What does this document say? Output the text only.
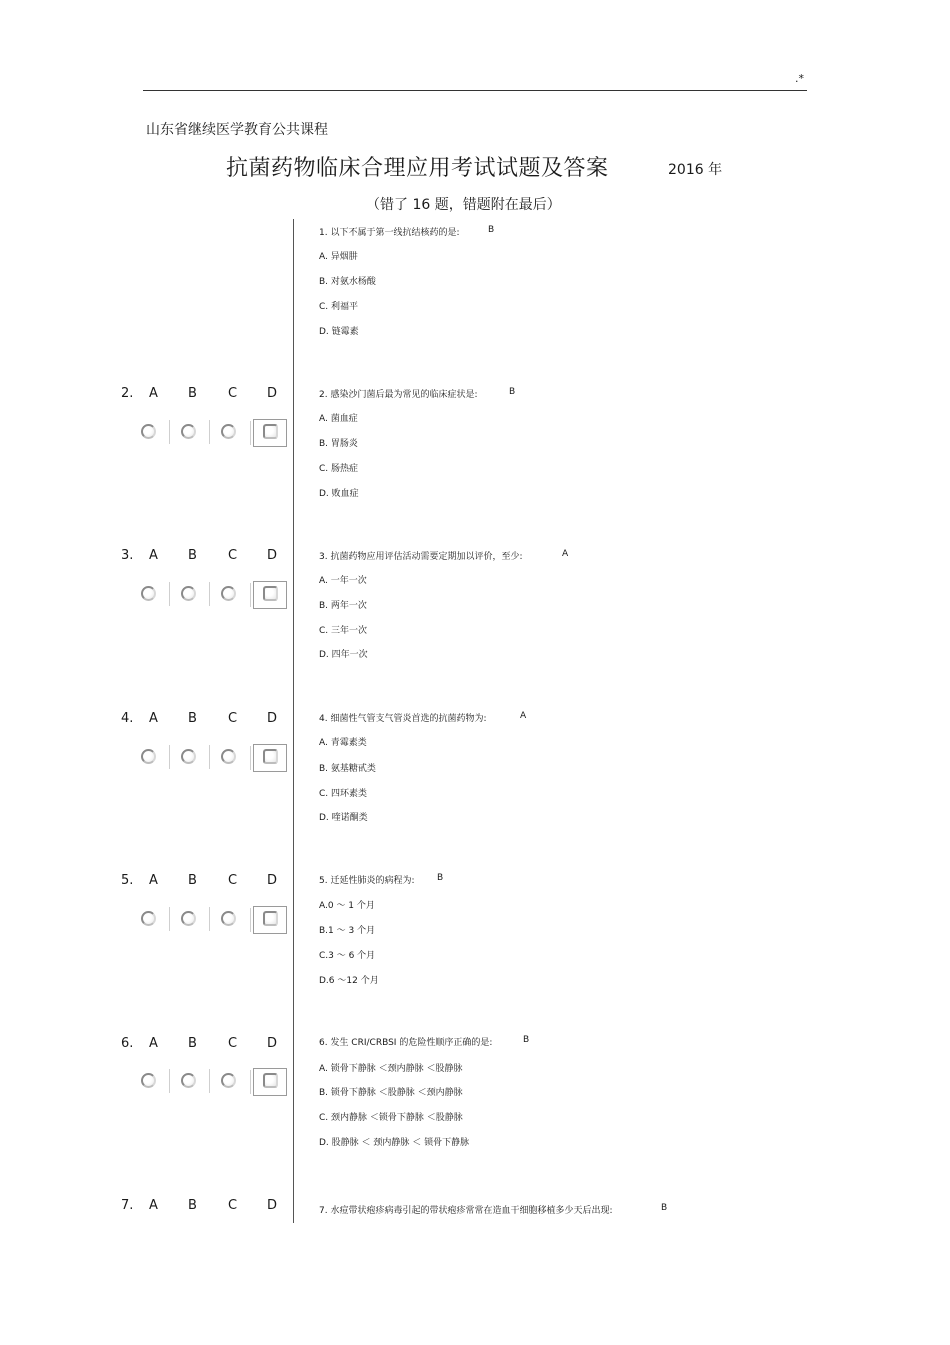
.*
山东省继续医学教育公共课程
抗菌药物临床合理应用考试试题及答案	2016 年
（错了 16 题，错题附在最后）
1. 以下不属于第一线抗结核药的是:	B
A. 异烟肼
B. 对氨水杨酸
C. 利福平
D. 链霉素
2. A B C D	2. 感染沙门菌后最为常见的临床症状是:	B
A. 菌血症
B. 胃肠炎
C. 肠热症
D. 败血症
3. A B C D	3. 抗菌药物应用评估活动需要定期加以评价，至少:	A
A. 一年一次
B. 两年一次
C. 三年一次
D. 四年一次
4. A B C D	4. 细菌性气管支气管炎首选的抗菌药物为:	A
A. 青霉素类
B. 氨基糖甙类
C. 四环素类
D. 喹诺酮类
5. A B C D	5. 迁延性肺炎的病程为:	B
A.0 ～ 1 个月
B.1 ～ 3 个月
C.3 ～ 6 个月
D.6 ～12 个月
6. A B C D	6. 发生 CRI/CRBSI 的危险性顺序正确的是:	B
A. 锁骨下静脉 ＜颈内静脉 ＜股静脉
B. 锁骨下静脉 ＜股静脉 ＜颈内静脉
C. 颈内静脉 ＜锁骨下静脉 ＜股静脉
D. 股静脉 ＜ 颈内静脉 ＜ 锁骨下静脉
7. A B C D	7. 水痘带状疱疹病毒引起的带状疱疹常常在造血干细胞移植多少天后出现:	B
